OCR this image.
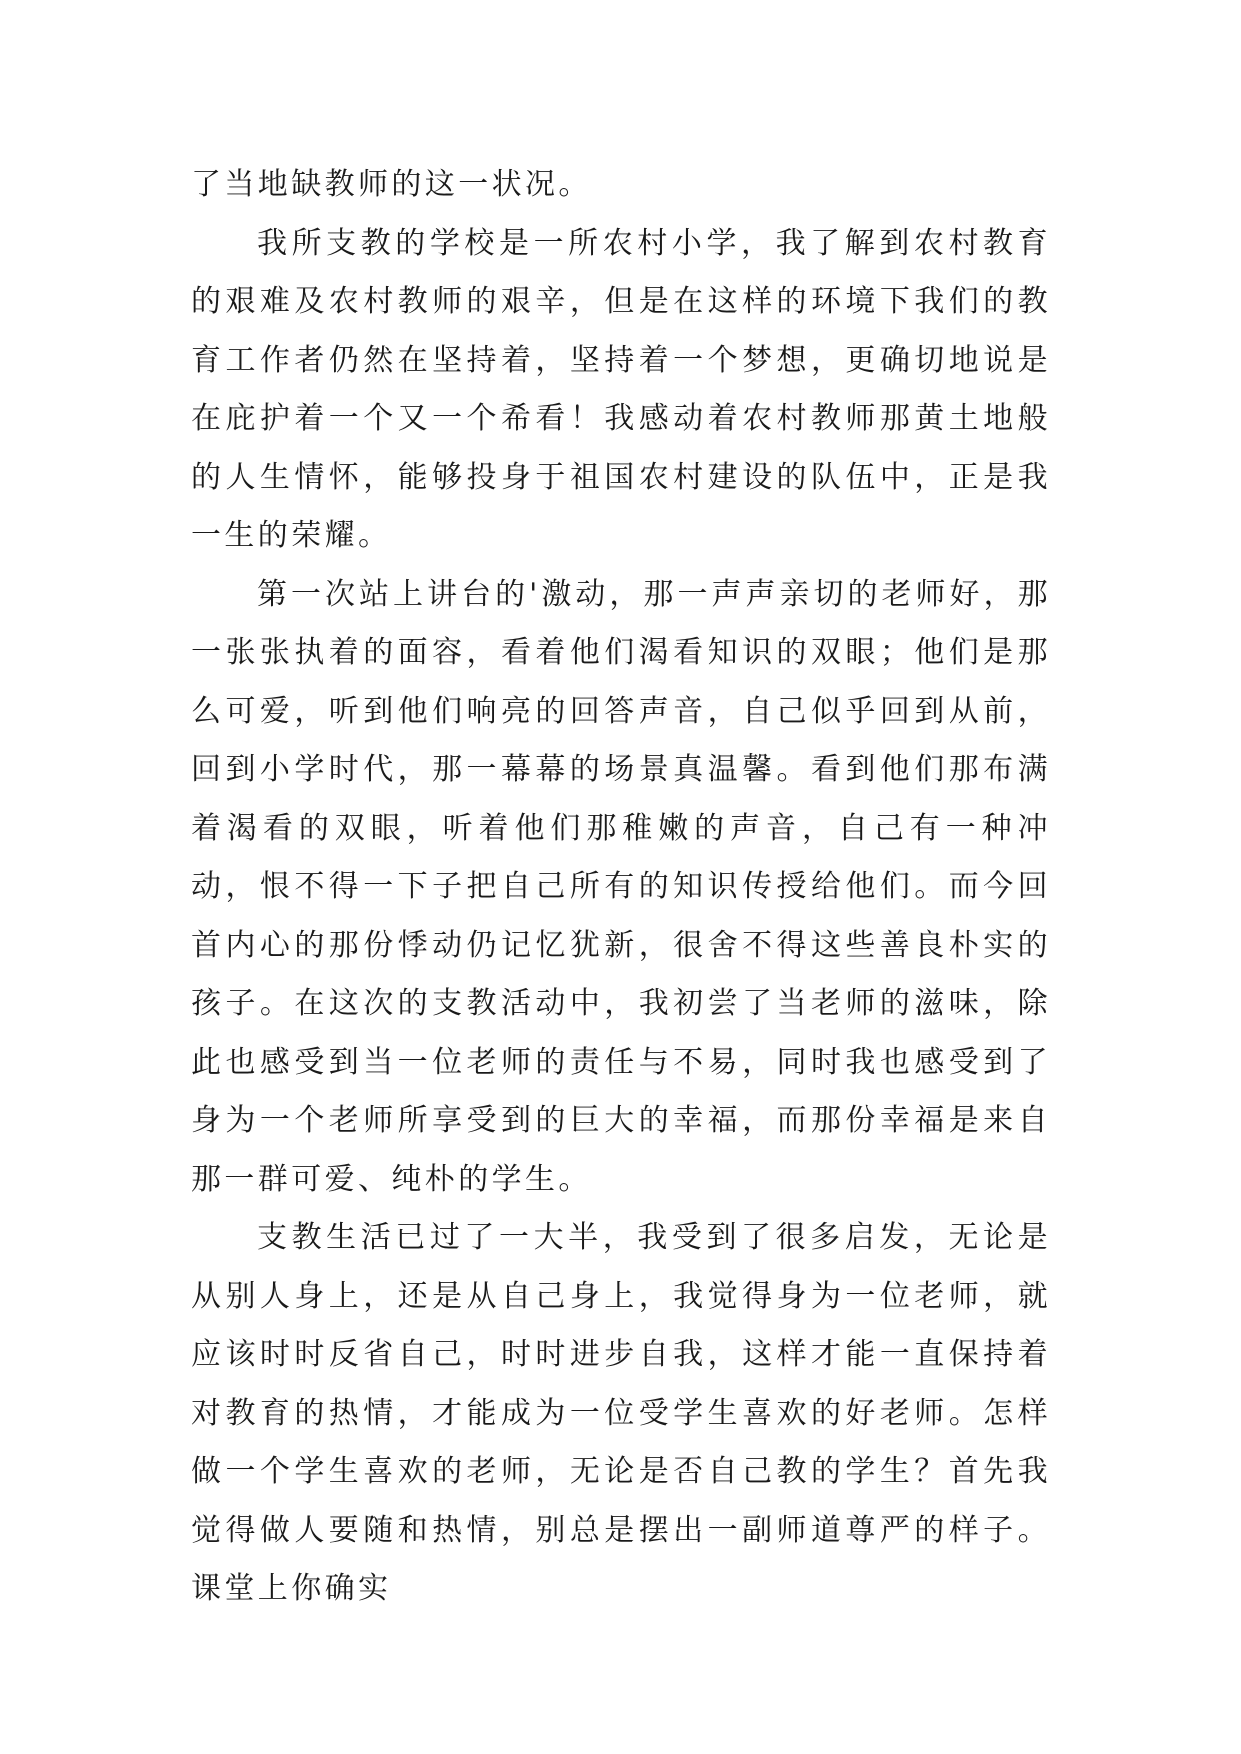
了当地缺教师的这一状况。

我所支教的学校是一所农村小学，我了解到农村教育的艰难及农村教师的艰辛，但是在这样的环境下我们的教育工作者仍然在坚持着，坚持着一个梦想，更确切地说是在庇护着一个又一个希看！我感动着农村教师那黄土地般的人生情怀，能够投身于祖国农村建设的队伍中，正是我一生的荣耀。

第一次站上讲台的'激动，那一声声亲切的老师好，那一张张执着的面容，看着他们渴看知识的双眼；他们是那么可爱，听到他们响亮的回答声音，自己似乎回到从前，回到小学时代，那一幕幕的场景真温馨。看到他们那布满着渴看的双眼，听着他们那稚嫩的声音，自己有一种冲动，恨不得一下子把自己所有的知识传授给他们。而今回首内心的那份悸动仍记忆犹新，很舍不得这些善良朴实的孩子。在这次的支教活动中，我初尝了当老师的滋味，除此也感受到当一位老师的责任与不易，同时我也感受到了身为一个老师所享受到的巨大的幸福，而那份幸福是来自那一群可爱、纯朴的学生。

支教生活已过了一大半，我受到了很多启发，无论是从别人身上，还是从自己身上，我觉得身为一位老师，就应该时时反省自己，时时进步自我，这样才能一直保持着对教育的热情，才能成为一位受学生喜欢的好老师。怎样做一个学生喜欢的老师，无论是否自己教的学生？首先我觉得做人要随和热情，别总是摆出一副师道尊严的样子。课堂上你确实
